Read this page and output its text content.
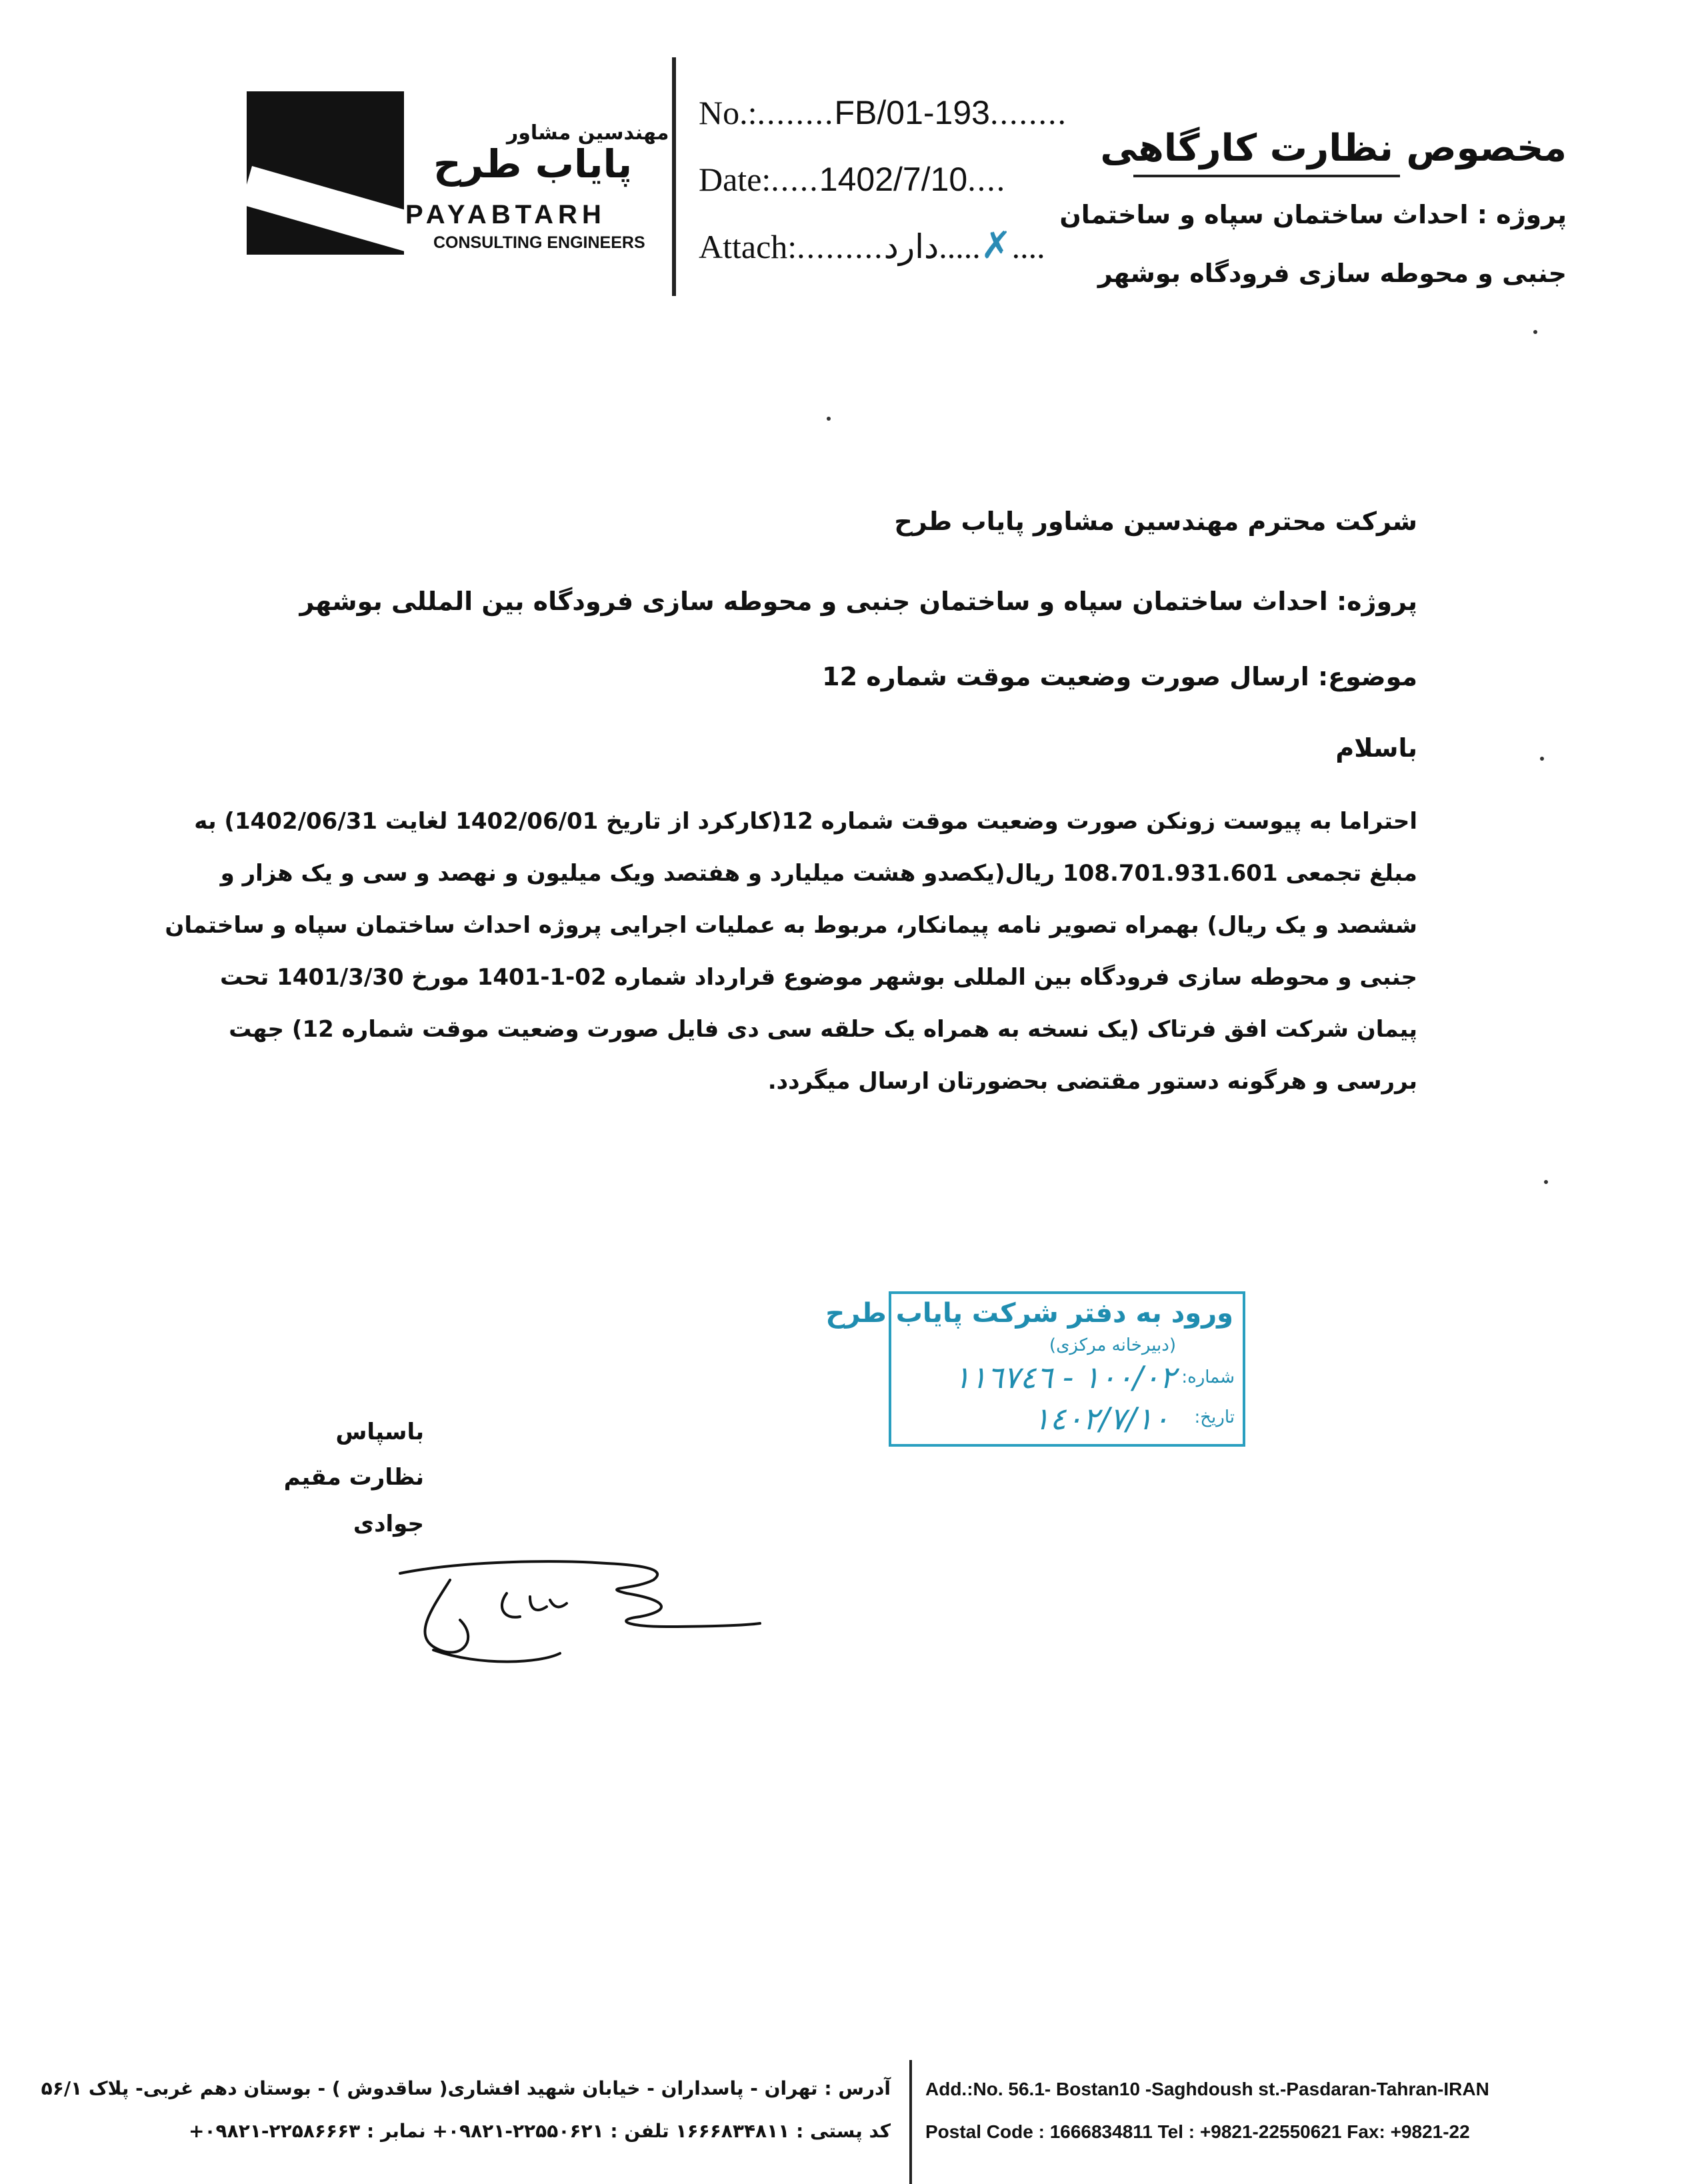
مهندسین مشاور
پایاب طرح
PAYABTARH
CONSULTING ENGINEERS
No.:........FB/01-193........
Date:.....1402/7/10....
Attach:.........دارد.....✗....
مخصوص نظارت کارگاهی
پروژه : احداث ساختمان سپاه و ساختمان
جنبی و محوطه سازی فرودگاه بوشهر
شرکت محترم مهندسین مشاور پایاب طرح
پروژه: احداث ساختمان سپاه و ساختمان جنبی و محوطه سازی فرودگاه بین المللی بوشهر
موضوع: ارسال صورت وضعیت موقت شماره 12
باسلام
احتراما به پیوست زونکن صورت وضعیت موقت شماره 12(کارکرد از تاریخ 1402/06/01 لغایت 1402/06/31) به
مبلغ تجمعی 108.701.931.601 ریال(یکصدو هشت میلیارد و هفتصد ویک میلیون و نهصد و سی و یک هزار و
ششصد و یک ریال) بهمراه تصویر نامه پیمانکار، مربوط به عملیات اجرایی پروژه احداث ساختمان سپاه و ساختمان
جنبی و محوطه سازی فرودگاه بین المللی بوشهر موضوع قرارداد شماره 02-1-1401 مورخ 1401/3/30 تحت
پیمان شرکت افق فرتاک (یک نسخه به همراه یک حلقه سی دی فایل صورت وضعیت موقت شماره 12) جهت
بررسی و هرگونه دستور مقتضی بحضورتان ارسال میگردد.
ورود به دفتر شرکت پایاب طرح
(دبیرخانه مرکزی)
شماره:
١٠٠/٠٢ - ١١٦٧٤٦
تاریخ:
١٤٠٢/٧/١٠
باسپاس
نظارت مقیم
جوادی
آدرس : تهران - پاسداران - خیابان شهید افشاری( ساقدوش ) - بوستان دهم غربی- پلاک ۵۶/۱
کد پستی : ۱۶۶۶۸۳۴۸۱۱ تلفن : ۲۲۵۵۰۶۲۱-۰۹۸۲۱+ نمابر : ۲۲۵۸۶۶۶۳-۰۹۸۲۱+
Add.:No. 56.1- Bostan10 -Saghdoush st.-Pasdaran-Tahran-IRAN
Postal Code : 1666834811 Tel : +9821-22550621 Fax: +9821-22
